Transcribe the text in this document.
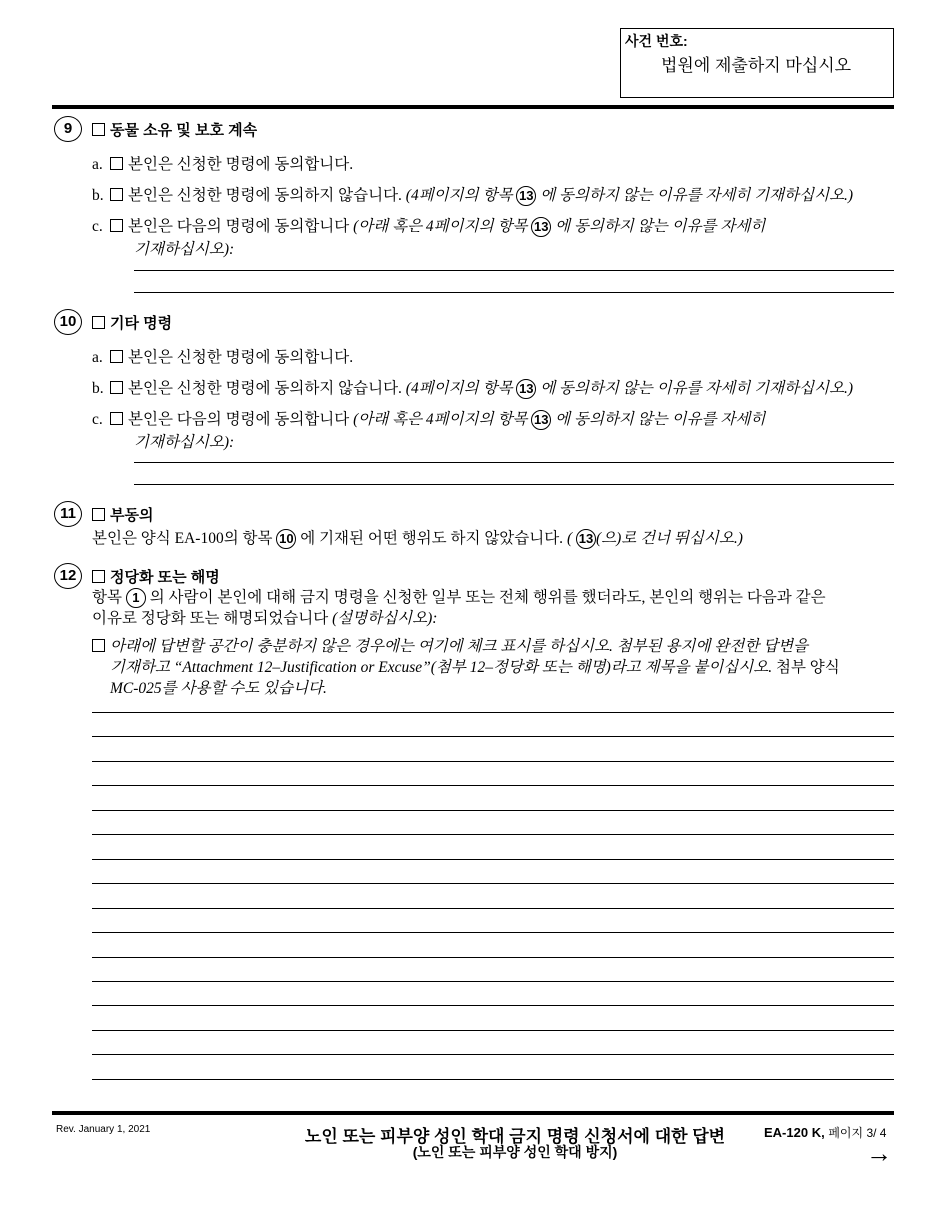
사건 번호:
법원에 제출하지 마십시오
9	동물 소유 및 보호 계속
a. 본인은 신청한 명령에 동의합니다.
b. 본인은 신청한 명령에 동의하지 않습니다. (4페이지의 항목 13 에 동의하지 않는 이유를 자세히 기재하십시오.)
c. 본인은 다음의 명령에 동의합니다 (아래 혹은 4페이지의 항목 13 에 동의하지 않는 이유를 자세히
기재하십시오):
10	기타 명령
a. 본인은 신청한 명령에 동의합니다.
b. 본인은 신청한 명령에 동의하지 않습니다. (4페이지의 항목 13 에 동의하지 않는 이유를 자세히 기재하십시오.)
c. 본인은 다음의 명령에 동의합니다 (아래 혹은 4페이지의 항목 13 에 동의하지 않는 이유를 자세히
기재하십시오):
11	부동의
본인은 양식 EA-100의 항목 10 에 기재된 어떤 행위도 하지 않았습니다. ( 13 (으)로 건너 뛰십시오.)
12	정당화 또는 해명
항목 1 의 사람이 본인에 대해 금지 명령을 신청한 일부 또는 전체 행위를 했더라도, 본인의 행위는 다음과 같은
이유로 정당화 또는 해명되었습니다 (설명하십시오):
아래에 답변할 공간이 충분하지 않은 경우에는 여기에 체크 표시를 하십시오. 첨부된 용지에 완전한 답변을
기재하고 “Attachment 12–Justification or Excuse”(첨부 12–정당화 또는 해명)라고 제목을 붙이십시오. 첨부 양식
MC-025를 사용할 수도 있습니다.
Rev. January 1, 2021	노인 또는 피부양 성인 학대 금지 명령 신청서에 대한 답변
(노인 또는 피부양 성인 학대 방지)
EA-120 K, 페이지 3/ 4
→
